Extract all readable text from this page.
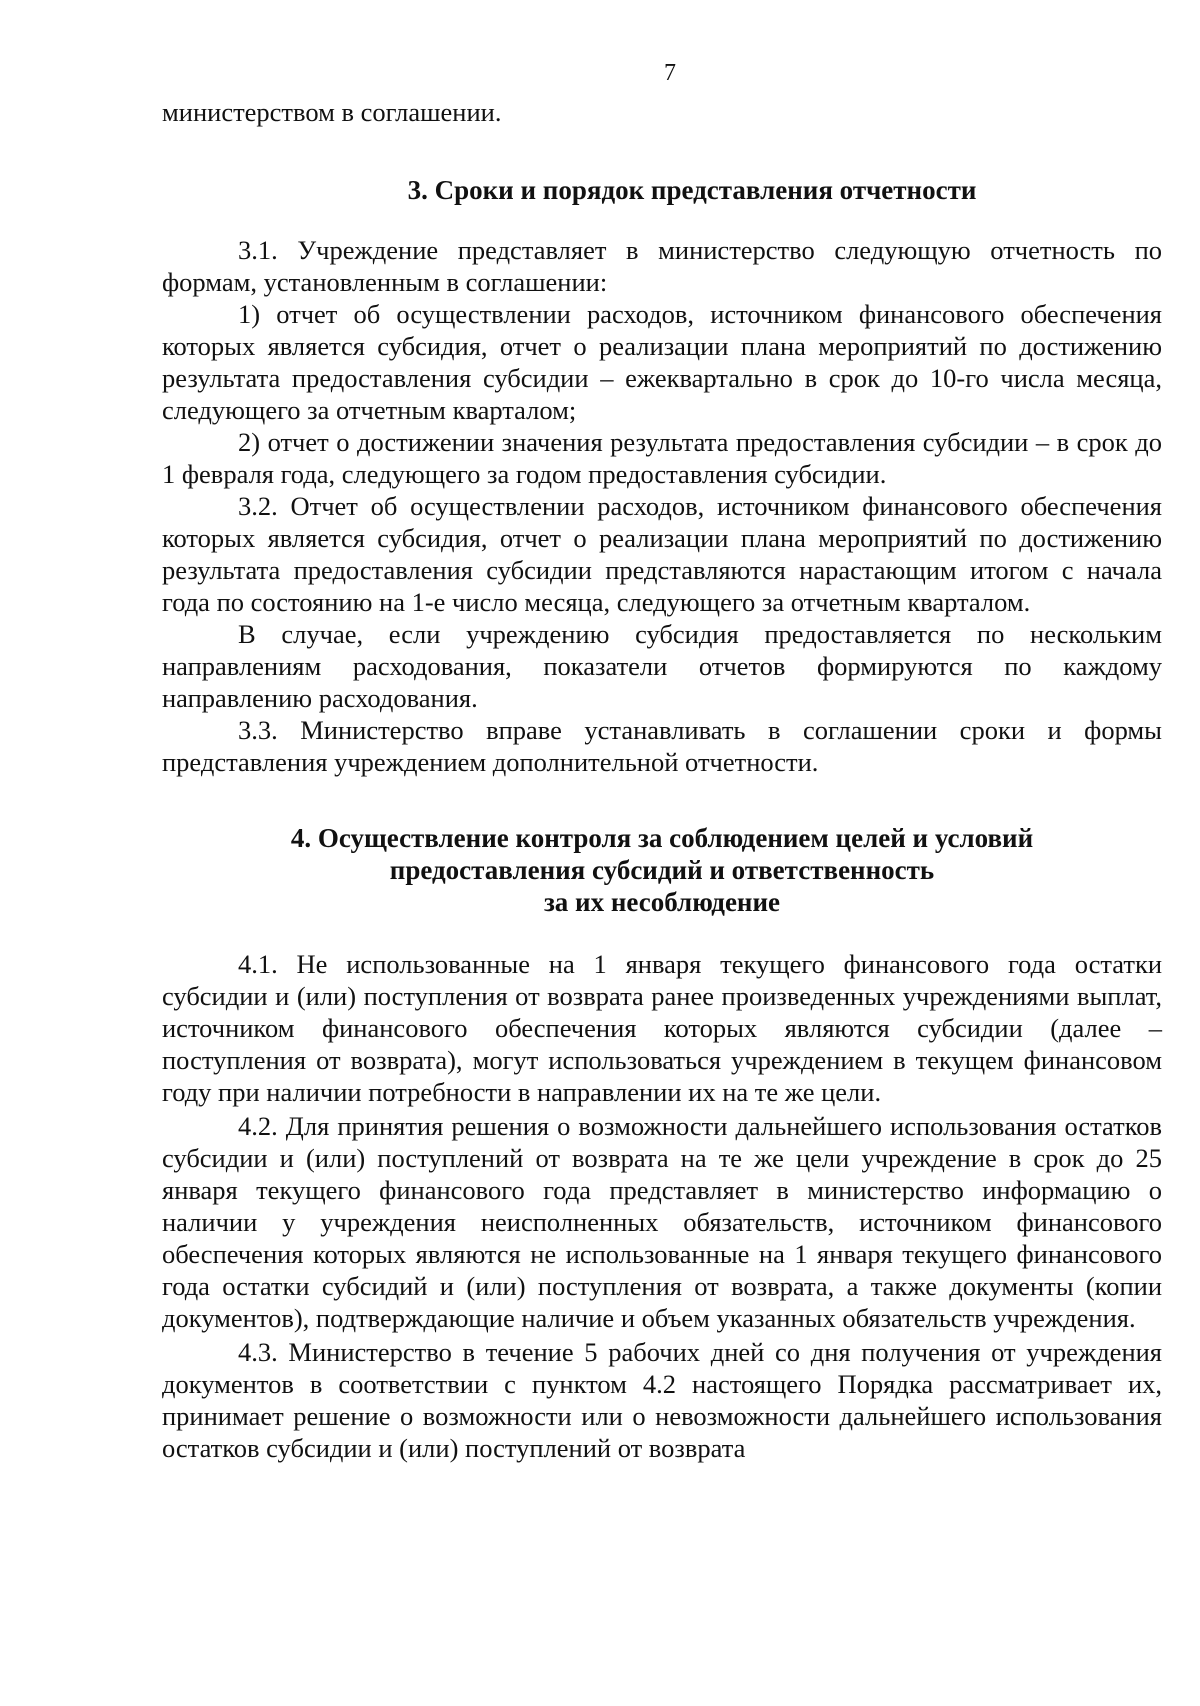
7

министерством в соглашении.

3. Сроки и порядок представления отчетности

3.1. Учреждение представляет в министерство следующую отчетность по формам, установленным в соглашении:

1) отчет об осуществлении расходов, источником финансового обеспечения которых является субсидия, отчет о реализации плана мероприятий по достижению результата предоставления субсидии – ежеквартально в срок до 10-го числа месяца, следующего за отчетным кварталом;

2) отчет о достижении значения результата предоставления субсидии – в срок до 1 февраля года, следующего за годом предоставления субсидии.

3.2. Отчет об осуществлении расходов, источником финансового обеспечения которых является субсидия, отчет о реализации плана мероприятий по достижению результата предоставления субсидии представляются нарастающим итогом с начала года по состоянию на 1-е число месяца, следующего за отчетным кварталом.

В случае, если учреждению субсидия предоставляется по нескольким направлениям расходования, показатели отчетов формируются по каждому направлению расходования.

3.3. Министерство вправе устанавливать в соглашении сроки и формы представления учреждением дополнительной отчетности.

4. Осуществление контроля за соблюдением целей и условий
предоставления субсидий и ответственность
за их несоблюдение

4.1. Не использованные на 1 января текущего финансового года остатки субсидии и (или) поступления от возврата ранее произведенных учреждениями выплат, источником финансового обеспечения которых являются субсидии (далее – поступления от возврата), могут использоваться учреждением в текущем финансовом году при наличии потребности в направлении их на те же цели.

4.2. Для принятия решения о возможности дальнейшего использования остатков субсидии и (или) поступлений от возврата на те же цели учреждение в срок до 25 января текущего финансового года представляет в министерство информацию о наличии у учреждения неисполненных обязательств, источником финансового обеспечения которых являются не использованные на 1 января текущего финансового года остатки субсидий и (или) поступления от возврата, а также документы (копии документов), подтверждающие наличие и объем указанных обязательств учреждения.

4.3. Министерство в течение 5 рабочих дней со дня получения от учреждения документов в соответствии с пунктом 4.2 настоящего Порядка рассматривает их, принимает решение о возможности или о невозможности дальнейшего использования остатков субсидии и (или) поступлений от возврата
